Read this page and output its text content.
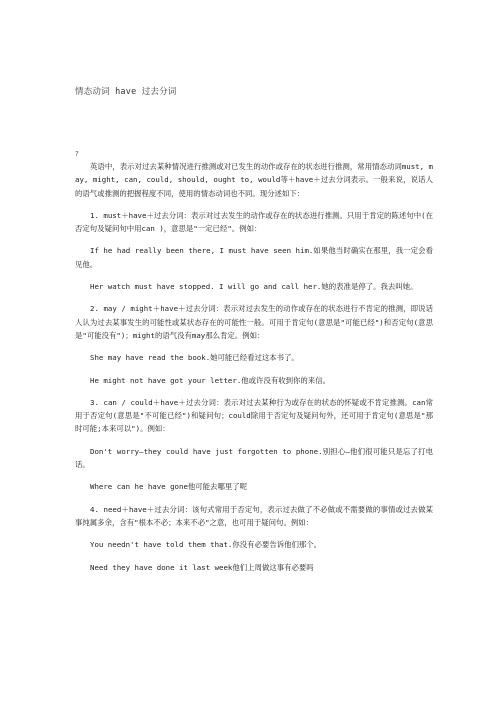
情态动词 have 过去分词
?

英语中，表示对过去某种情况进行推测或对已发生的动作或存在的状态进行推测，常用情态动词must, may, might, can, could, should, ought to, would等＋have＋过去分词表示。一般来说，说话人的语气或推测的把握程度不同，使用的情态动词也不同。现分述如下：

1. must＋have＋过去分词：表示对过去发生的动作或存在的状态进行推测。只用于肯定的陈述句中(在否定句及疑问句中用can )，意思是"一定已经"。例如：

If he had really been there, I must have seen him.如果他当时确实在那里，我一定会看见他。

Her watch must have stopped. I will go and call her.她的表准是停了。我去叫她。

2. may / might＋have＋过去分词：表示对过去发生的动作或存在的状态进行不肯定的推测，即说话人认为过去某事发生的可能性或某状态存在的可能性一般。可用于肯定句(意思是"可能已经")和否定句(意思是"可能没有")；might的语气没有may那么肯定。例如：

She may have read the book.她可能已经看过这本书了。

He might not have got your letter.他或许没有收到你的来信。

3. can / could＋have＋过去分词：表示对过去某种行为或存在的状态的怀疑或不肯定推测。can常用于否定句(意思是"不可能已经")和疑问句；could除用于否定句及疑问句外，还可用于肯定句(意思是"那时可能;本来可以")。例如：

Don't worry—they could have just forgotten to phone.别担心—他们很可能只是忘了打电话。

Where can he have gone他可能去哪里了呢

4. need＋have＋过去分词：该句式常用于否定句，表示过去做了不必做或不需要做的事情或过去做某事纯属多余，含有"根本不必；本来不必"之意，也可用于疑问句。例如：

You needn't have told them that.你没有必要告诉他们那个。

Need they have done it last week他们上周做这事有必要吗
